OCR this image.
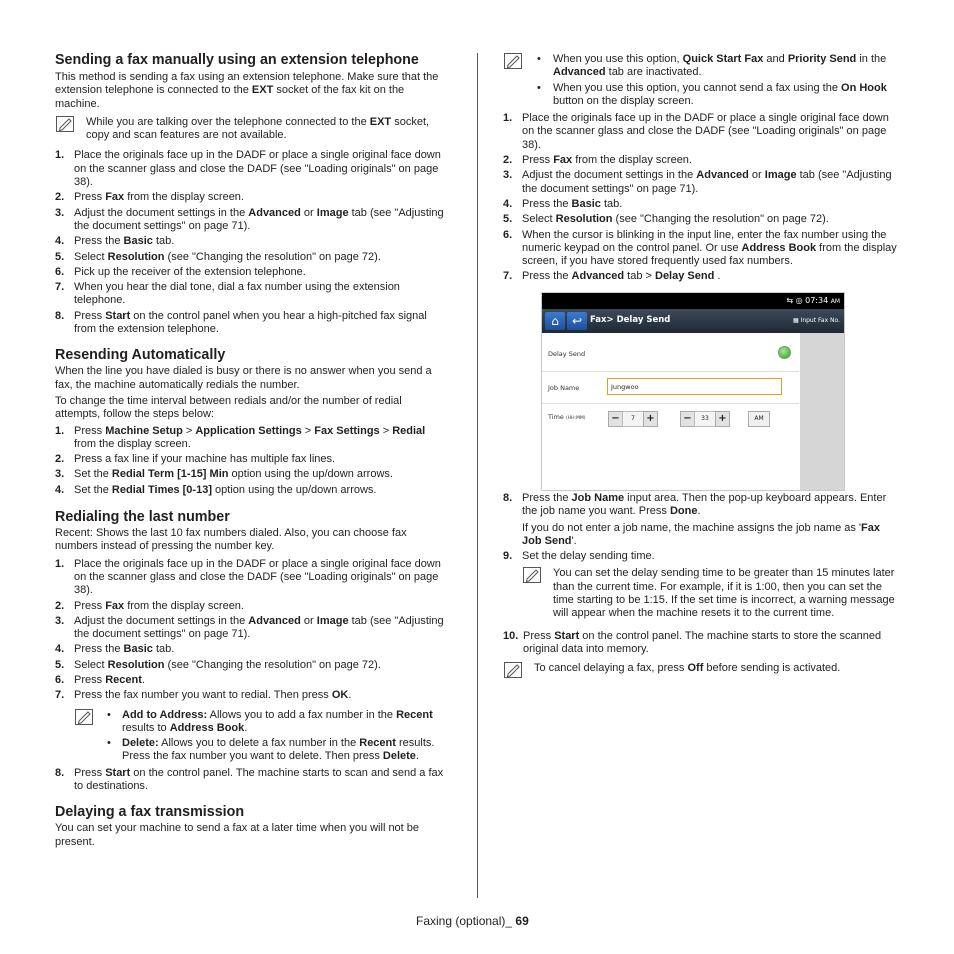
Sending a fax manually using an extension telephone

This method is sending a fax using an extension telephone. Make sure that the extension telephone is connected to the EXT socket of the fax kit on the machine.

While you are talking over the telephone connected to the EXT socket, copy and scan features are not available.
1. Place the originals face up in the DADF or place a single original face down on the scanner glass and close the DADF (see "Loading originals" on page 38).
2. Press Fax from the display screen.
3. Adjust the document settings in the Advanced or Image tab (see "Adjusting the document settings" on page 71).
4. Press the Basic tab.
5. Select Resolution (see "Changing the resolution" on page 72).
6. Pick up the receiver of the extension telephone.
7. When you hear the dial tone, dial a fax number using the extension telephone.
8. Press Start on the control panel when you hear a high-pitched fax signal from the extension telephone.
Resending Automatically

When the line you have dialed is busy or there is no answer when you send a fax, the machine automatically redials the number.

To change the time interval between redials and/or the number of redial attempts, follow the steps below:

1. Press Machine Setup > Application Settings > Fax Settings > Redial from the display screen.
2. Press a fax line if your machine has multiple fax lines.
3. Set the Redial Term [1-15] Min option using the up/down arrows.
4. Set the Redial Times [0-13] option using the up/down arrows.
Redialing the last number

Recent: Shows the last 10 fax numbers dialed. Also, you can choose fax numbers instead of pressing the number key.

1. Place the originals face up in the DADF or place a single original face down on the scanner glass and close the DADF (see "Loading originals" on page 38).
2. Press Fax from the display screen.
3. Adjust the document settings in the Advanced or Image tab (see "Adjusting the document settings" on page 71).
4. Press the Basic tab.
5. Select Resolution (see "Changing the resolution" on page 72).
6. Press Recent.
7. Press the fax number you want to redial. Then press OK.
• Add to Address: Allows you to add a fax number in the Recent results to Address Book.
• Delete: Allows you to delete a fax number in the Recent results. Press the fax number you want to delete. Then press Delete.
8. Press Start on the control panel. The machine starts to scan and send a fax to destinations.
Delaying a fax transmission

You can set your machine to send a fax at a later time when you will not be present.

• When you use this option, Quick Start Fax and Priority Send in the Advanced tab are inactivated.
• When you use this option, you cannot send a fax using the On Hook button on the display screen.
1. Place the originals face up in the DADF or place a single original face down on the scanner glass and close the DADF (see "Loading originals" on page 38).
2. Press Fax from the display screen.
3. Adjust the document settings in the Advanced or Image tab (see "Adjusting the document settings" on page 71).
4. Press the Basic tab.
5. Select Resolution (see "Changing the resolution" on page 72).
6. When the cursor is blinking in the input line, enter the fax number using the numeric keypad on the control panel. Or use Address Book from the display screen, if you have stored frequently used fax numbers.
7. Press the Advanced tab > Delay Send .
⇆ ◎ 07:34 AM
⌂	↩ Fax> Delay Send	▦ Input Fax No.
Delay Send
Job Name	Jungwoo
Time (HH:MM)	−	7	+	−	33 +	AM
8. Press the Job Name input area. Then the pop-up keyboard appears. Enter the job name you want. Press Done.

If you do not enter a job name, the machine assigns the job name as 'Fax Job Send'.

9. Set the delay sending time.
You can set the delay sending time to be greater than 15 minutes later than the current time. For example, if it is 1:00, then you can set the time starting to be 1:15. If the set time is incorrect, a warning message will appear when the machine resets it to the current time.
10. Press Start on the control panel. The machine starts to store the scanned original data into memory.
To cancel delaying a fax, press Off before sending is activated.
Faxing (optional)_ 69
